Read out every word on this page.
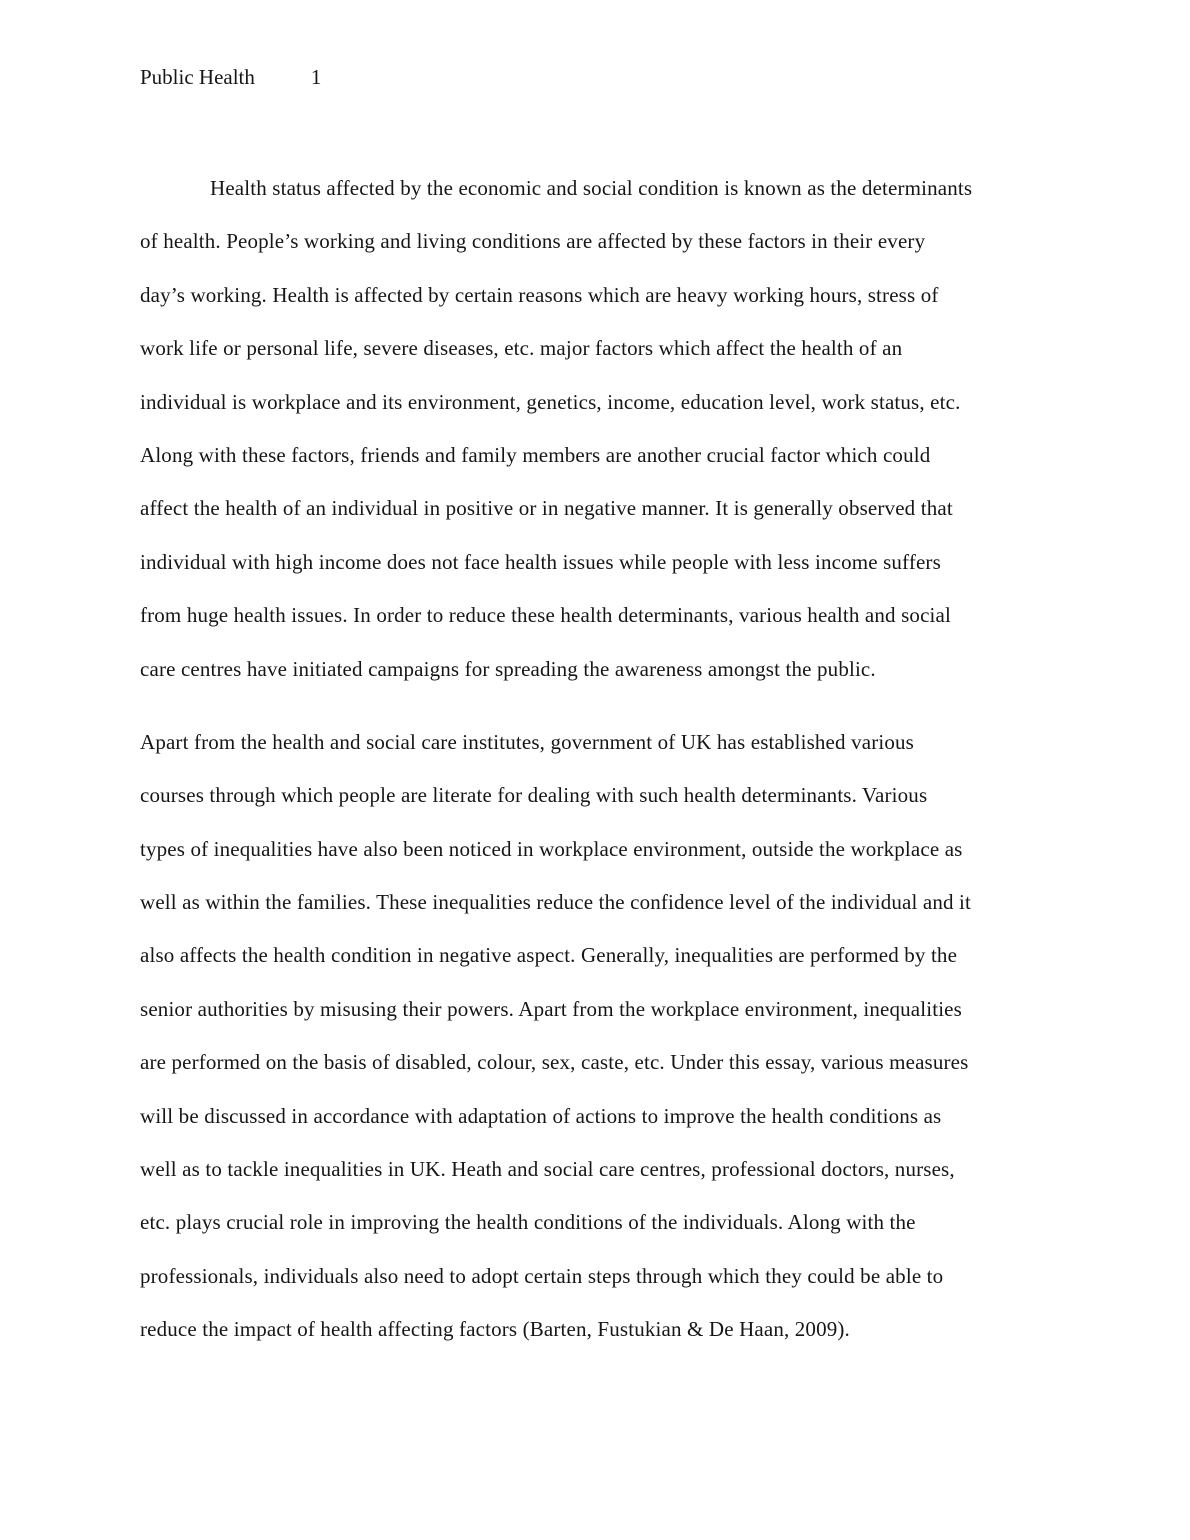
Public Health	1
Health status affected by the economic and social condition is known as the determinants
of health. People’s working and living conditions are affected by these factors in their every
day’s working. Health is affected by certain reasons which are heavy working hours, stress of
work life or personal life, severe diseases, etc. major factors which affect the health of an
individual is workplace and its environment, genetics, income, education level, work status, etc.
Along with these factors, friends and family members are another crucial factor which could
affect the health of an individual in positive or in negative manner. It is generally observed that
individual with high income does not face health issues while people with less income suffers
from huge health issues. In order to reduce these health determinants, various health and social
care centres have initiated campaigns for spreading the awareness amongst the public.
Apart from the health and social care institutes, government of UK has established various
courses through which people are literate for dealing with such health determinants. Various
types of inequalities have also been noticed in workplace environment, outside the workplace as
well as within the families. These inequalities reduce the confidence level of the individual and it
also affects the health condition in negative aspect. Generally, inequalities are performed by the
senior authorities by misusing their powers. Apart from the workplace environment, inequalities
are performed on the basis of disabled, colour, sex, caste, etc. Under this essay, various measures
will be discussed in accordance with adaptation of actions to improve the health conditions as
well as to tackle inequalities in UK. Heath and social care centres, professional doctors, nurses,
etc. plays crucial role in improving the health conditions of the individuals. Along with the
professionals, individuals also need to adopt certain steps through which they could be able to
reduce the impact of health affecting factors (Barten, Fustukian & De Haan, 2009).
